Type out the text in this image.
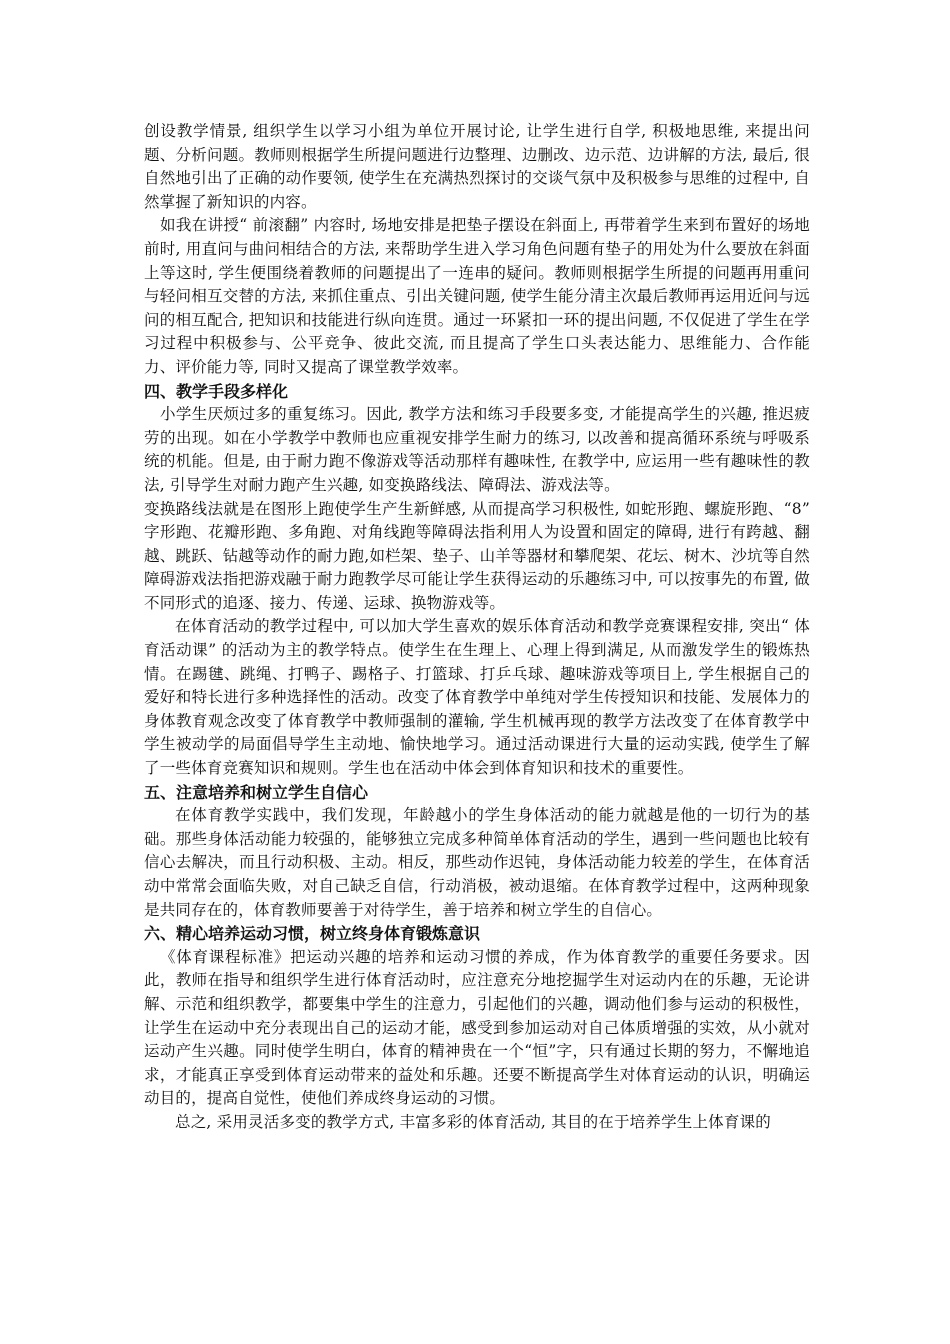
创设教学情景, 组织学生以学习小组为单位开展讨论, 让学生进行自学, 积极地思维, 来提出问题、分析问题。教师则根据学生所提问题进行边整理、边删改、边示范、边讲解的方法, 最后, 很自然地引出了正确的动作要领, 使学生在充满热烈探讨的交谈气氛中及积极参与思维的过程中, 自然掌握了新知识的内容。

如我在讲授“ 前滚翻” 内容时, 场地安排是把垫子摆设在斜面上, 再带着学生来到布置好的场地前时, 用直问与曲问相结合的方法, 来帮助学生进入学习角色问题有垫子的用处为什么要放在斜面上等这时, 学生便围绕着教师的问题提出了一连串的疑问。教师则根据学生所提的问题再用重问与轻问相互交替的方法, 来抓住重点、引出关键问题, 使学生能分清主次最后教师再运用近问与远问的相互配合, 把知识和技能进行纵向连贯。通过一环紧扣一环的提出问题, 不仅促进了学生在学习过程中积极参与、公平竞争、彼此交流, 而且提高了学生口头表达能力、思维能力、合作能力、评价能力等, 同时又提高了课堂教学效率。

四、教学手段多样化

小学生厌烦过多的重复练习。因此, 教学方法和练习手段要多变, 才能提高学生的兴趣, 推迟疲劳的出现。如在小学教学中教师也应重视安排学生耐力的练习, 以改善和提高循环系统与呼吸系统的机能。但是, 由于耐力跑不像游戏等活动那样有趣味性, 在教学中, 应运用一些有趣味性的教法, 引导学生对耐力跑产生兴趣, 如变换路线法、障碍法、游戏法等。

变换路线法就是在图形上跑使学生产生新鲜感, 从而提高学习积极性, 如蛇形跑、螺旋形跑、“8” 字形跑、花瓣形跑、多角跑、对角线跑等障碍法指利用人为设置和固定的障碍, 进行有跨越、翻越、跳跃、钻越等动作的耐力跑,如栏架、垫子、山羊等器材和攀爬架、花坛、树木、沙坑等自然障碍游戏法指把游戏融于耐力跑教学尽可能让学生获得运动的乐趣练习中, 可以按事先的布置, 做不同形式的追逐、接力、传递、运球、换物游戏等。

在体育活动的教学过程中, 可以加大学生喜欢的娱乐体育活动和教学竞赛课程安排, 突出“ 体育活动课” 的活动为主的教学特点。使学生在生理上、心理上得到满足, 从而激发学生的锻炼热情。在踢毽、跳绳、打鸭子、踢格子、打篮球、打乒乓球、趣味游戏等项目上, 学生根据自己的爱好和特长进行多种选择性的活动。改变了体育教学中单纯对学生传授知识和技能、发展体力的身体教育观念改变了体育教学中教师强制的灌输, 学生机械再现的教学方法改变了在体育教学中学生被动学的局面倡导学生主动地、愉快地学习。通过活动课进行大量的运动实践, 使学生了解了一些体育竞赛知识和规则。学生也在活动中体会到体育知识和技术的重要性。

五、注意培养和树立学生自信心

在体育教学实践中，我们发现，年龄越小的学生身体活动的能力就越是他的一切行为的基础。那些身体活动能力较强的，能够独立完成多种简单体育活动的学生，遇到一些问题也比较有信心去解决，而且行动积极、主动。相反，那些动作迟钝，身体活动能力较差的学生，在体育活动中常常会面临失败，对自己缺乏自信，行动消极，被动退缩。在体育教学过程中，这两种现象是共同存在的，体育教师要善于对待学生，善于培养和树立学生的自信心。

六、精心培养运动习惯，树立终身体育锻炼意识

《体育课程标准》把运动兴趣的培养和运动习惯的养成，作为体育教学的重要任务要求。因此，教师在指导和组织学生进行体育活动时，应注意充分地挖掘学生对运动内在的乐趣，无论讲解、示范和组织教学，都要集中学生的注意力，引起他们的兴趣，调动他们参与运动的积极性，让学生在运动中充分表现出自己的运动才能，感受到参加运动对自己体质增强的实效，从小就对运动产生兴趣。同时使学生明白，体育的精神贵在一个“恒”字，只有通过长期的努力，不懈地追求，才能真正享受到体育运动带来的益处和乐趣。还要不断提高学生对体育运动的认识，明确运动目的，提高自觉性，使他们养成终身运动的习惯。

总之, 采用灵活多变的教学方式, 丰富多彩的体育活动, 其目的在于培养学生上体育课的
